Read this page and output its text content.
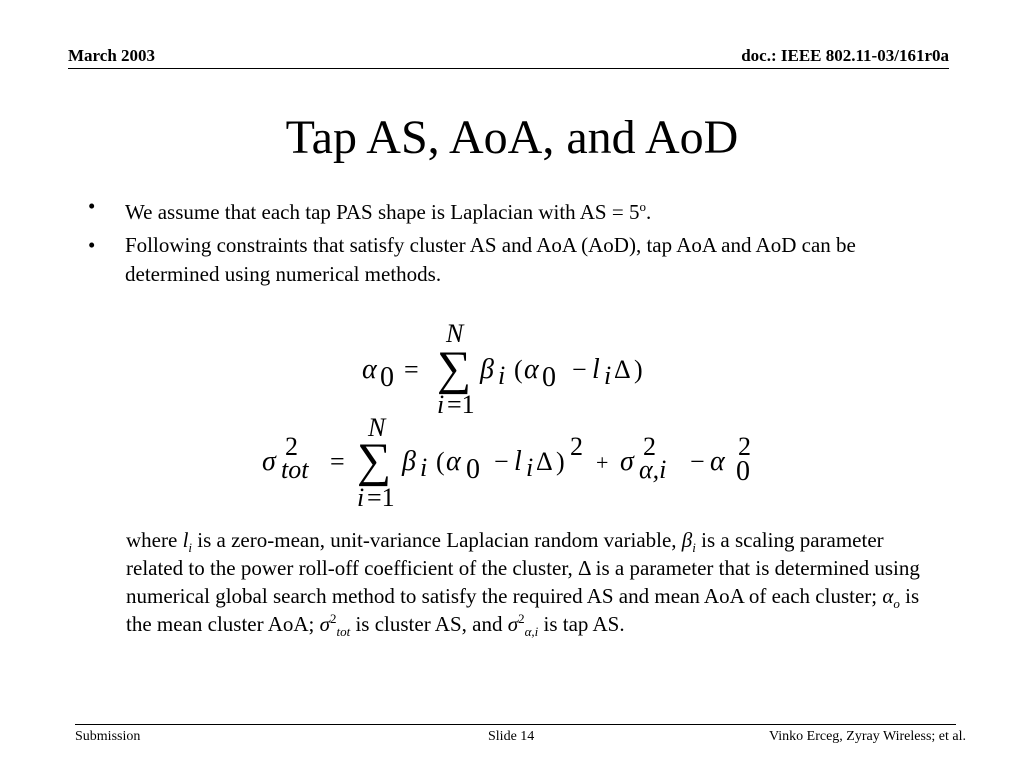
March 2003	doc.: IEEE 802.11-03/161r0a
Tap AS, AoA, and AoD
• We assume that each tap PAS shape is Laplacian with AS = $5^o$.
• Following constraints that satisfy cluster AS and AoA (AoD), tap AoA and AoD can be determined using numerical methods.
α 0 =
N
∑
i =1
β i ( α 0 − l i Δ )
σ 2
tot =
N
∑
i =1
β i ( α 0 − l i Δ )
2
+ σ 2
α,i − α 2
0
where $l_i$ is a zero-mean, unit-variance Laplacian random variable, $\beta_i$ is a scaling parameter related to the power roll-off coefficient of the cluster, Δ is a parameter that is determined using numerical global search method to satisfy the required AS and mean AoA of each cluster; $\alpha_o$ is the mean cluster AoA; $\sigma^2_{tot}$ is cluster AS, and $\sigma^2_{\alpha,i}$ is tap AS.
Submission	Slide 14	Vinko Erceg, Zyray Wireless; et al.
